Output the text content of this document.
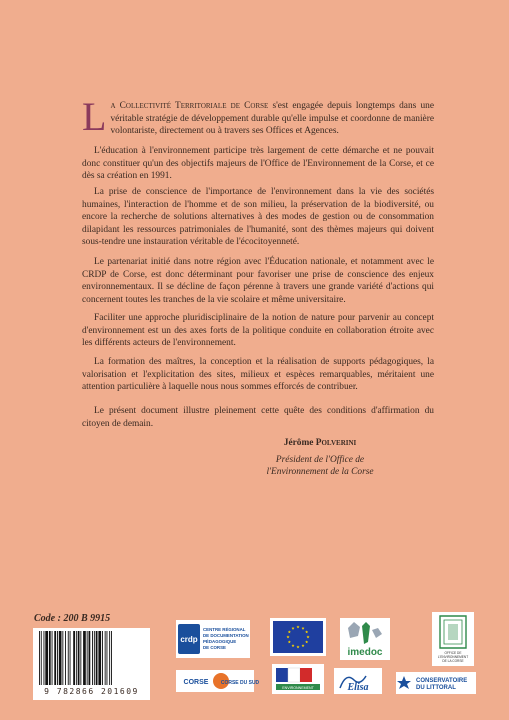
La Collectivité Territoriale de Corse s'est engagée depuis longtemps dans une véritable stratégie de développement durable qu'elle impulse et coordonne de manière volontariste, directement ou à travers ses Offices et Agences.

L'éducation à l'environnement participe très largement de cette démarche et ne pouvait donc constituer qu'un des objectifs majeurs de l'Office de l'Environnement de la Corse, et ce dès sa création en 1991.

La prise de conscience de l'importance de l'environnement dans la vie des sociétés humaines, l'interaction de l'homme et de son milieu, la préservation de la biodiversité, ou encore la recherche de solutions alternatives à des modes de gestion ou de consommation dilapidant les ressources patrimoniales de l'humanité, sont des thèmes majeurs qui doivent sous-tendre une instauration véritable de l'écocitoyenneté.

Le partenariat initié dans notre région avec l'Éducation nationale, et notamment avec le CRDP de Corse, est donc déterminant pour favoriser une prise de conscience des enjeux environnementaux. Il se décline de façon pérenne à travers une grande variété d'actions qui concernent toutes les tranches de la vie scolaire et même universitaire.

Faciliter une approche pluridisciplinaire de la notion de nature pour parvenir au concept d'environnement est un des axes forts de la politique conduite en collaboration étroite avec les différents acteurs de l'environnement.

La formation des maîtres, la conception et la réalisation de supports pédagogiques, la valorisation et l'explicitation des sites, milieux et espèces remarquables, méritaient une attention particulière à laquelle nous nous sommes efforcés de contribuer.

Le présent document illustre pleinement cette quête des conditions d'affirmation du citoyen de demain.

Jérôme Polverini
Président de l'Office de
l'Environnement de la Corse
Code : 200 B 9915
9 782866 201609
crdp
CENTRE RÉGIONAL
DE DOCUMENTATION
PÉDAGOGIQUE
DE CORSE	imedoc	OFFICE DE
L'ENVIRONNEMENT
DE LA CORSE
CORSE CORSE DU SUD
ENVIRONNEMENT	Elisa
CONSERVATOIRE
DU LITTORAL
